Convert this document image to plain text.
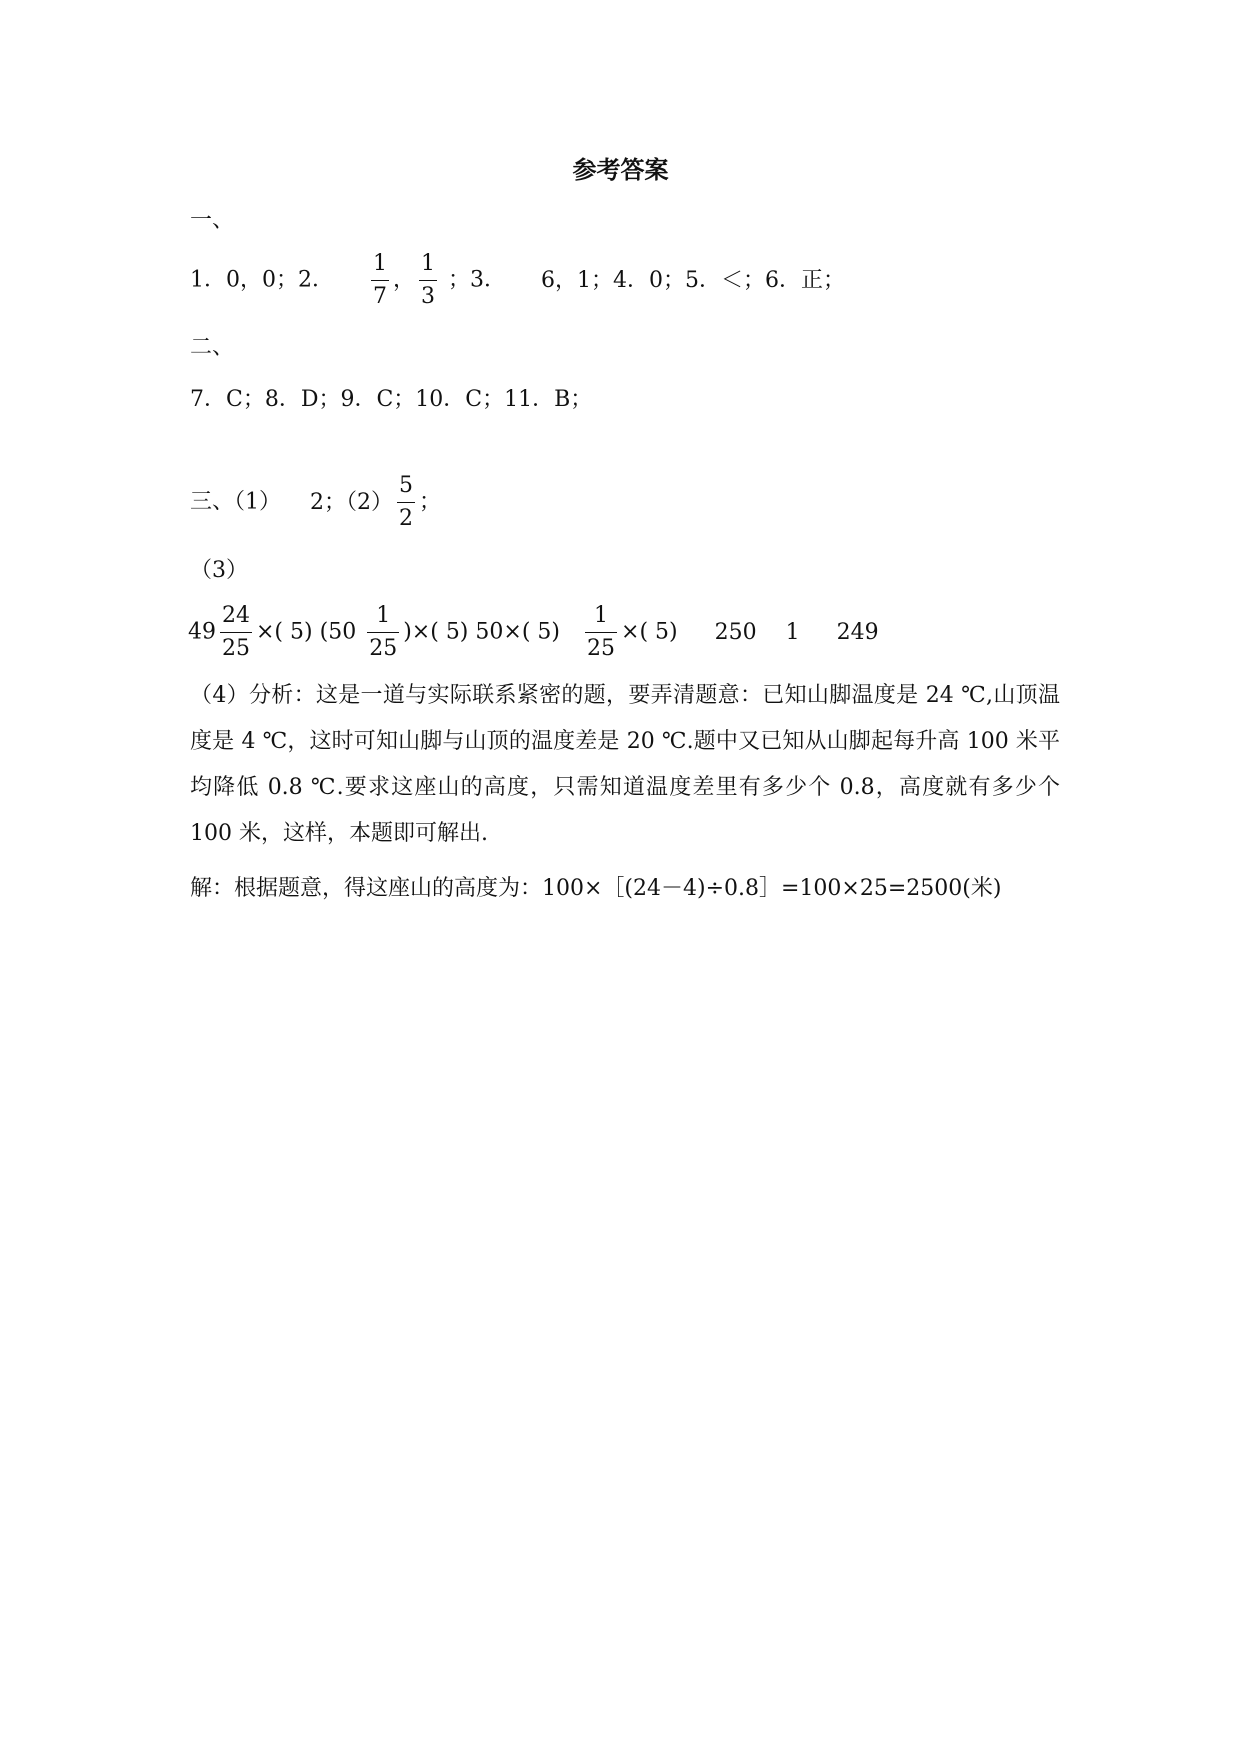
参考答案
一、
1．0，0；2． $\frac{1}{7}$ ， $\frac{1}{3}$ ；3． 6，1；4．0；5．＜；6．正；
二、
7．C；8．D；9．C；10．C；11．B；
三、（1） 2；$(2) \frac{5}{2}$ ；
（3）
$49 \frac{24}{25}$ ×( 5) ($50 \frac{1}{25}$ )×( 5) 50×( $5) \frac{1}{25}$ ×( 5) 250 1 249
（4）分析：这是一道与实际联系紧密的题，要弄清题意：已知山脚温度是 24 ℃,山顶温度是 4 ℃，这时可知山脚与山顶的温度差是 20 ℃.题中又已知从山脚起每升高 100 米平均降低 0.8 ℃.要求这座山的高度，只需知道温度差里有多少个 0.8，高度就有多少个 100 米，这样，本题即可解出.
解：根据题意，得这座山的高度为：100×［(24－4)÷0.8］=100×25=2500(米)
